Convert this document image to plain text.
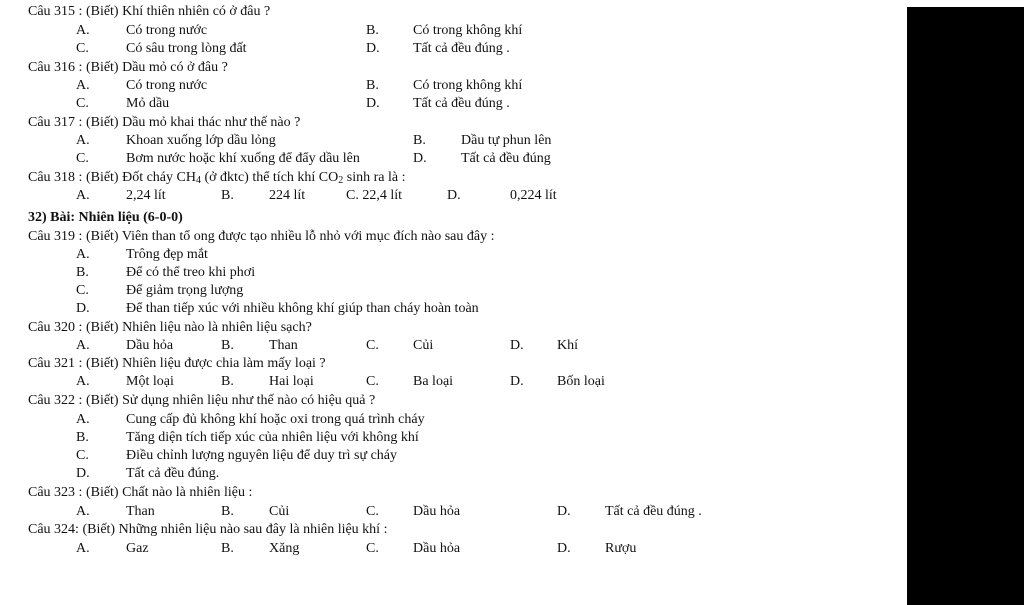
Câu 315 : (Biết) Khí thiên nhiên có ở đâu ?
A.	Có trong nước	B. Có trong không khí
C.	Có sâu trong lòng đất	D. Tất cả đều đúng .
Câu 316 : (Biết) Dầu mỏ có ở đâu ?
A.	Có trong nước	B. Có trong không khí
C.	Mỏ dầu	D. Tất cả đều đúng .
Câu 317 : (Biết) Dầu mỏ khai thác như thế nào ?
A.	Khoan xuống lớp dầu lỏng	B.	Dầu tự phun lên
C.	Bơm nước hoặc khí xuống để đẩy dầu lên	D. Tất cả đều đúng
Câu 318 : (Biết) Đốt cháy $CH_4$ (ở đktc) thể tích khí $CO_2$ sinh ra là :
A.	2,24 lít	B.	224 lít	C. 22,4 lít	D.	0,224 lít
32) Bài: Nhiên liệu (6-0-0)
Câu 319 : (Biết) Viên than tổ ong được tạo nhiều lỗ nhỏ với mục đích nào sau đây :
A.	Trông đẹp mắt
B.	Để có thể treo khi phơi
C.	Để giảm trọng lượng
D.	Để than tiếp xúc với nhiều không khí giúp than cháy hoàn toàn
Câu 320 : (Biết) Nhiên liệu nào là nhiên liệu sạch?
A.	Dầu hỏa	B.	Than	C. Củi	D. Khí
Câu 321 : (Biết) Nhiên liệu được chia làm mấy loại ?
A.	Một loại	B.	Hai loại	C. Ba loại	D. Bốn loại
Câu 322 : (Biết) Sử dụng nhiên liệu như thế nào có hiệu quả ?
A.	Cung cấp đủ không khí hoặc oxi trong quá trình cháy
B.	Tăng diện tích tiếp xúc của nhiên liệu với không khí
C.	Điều chỉnh lượng nguyên liệu để duy trì sự cháy
D.	Tất cả đều đúng.
Câu 323 : (Biết) Chất nào là nhiên liệu :
A.	Than	B.	Củi	C. Dầu hỏa	D. Tất cả đều đúng .
Câu 324: (Biết) Những nhiên liệu nào sau đây là nhiên liệu khí :
A.	Gaz	B.	Xăng	C. Dầu hỏa	D. Rượu
